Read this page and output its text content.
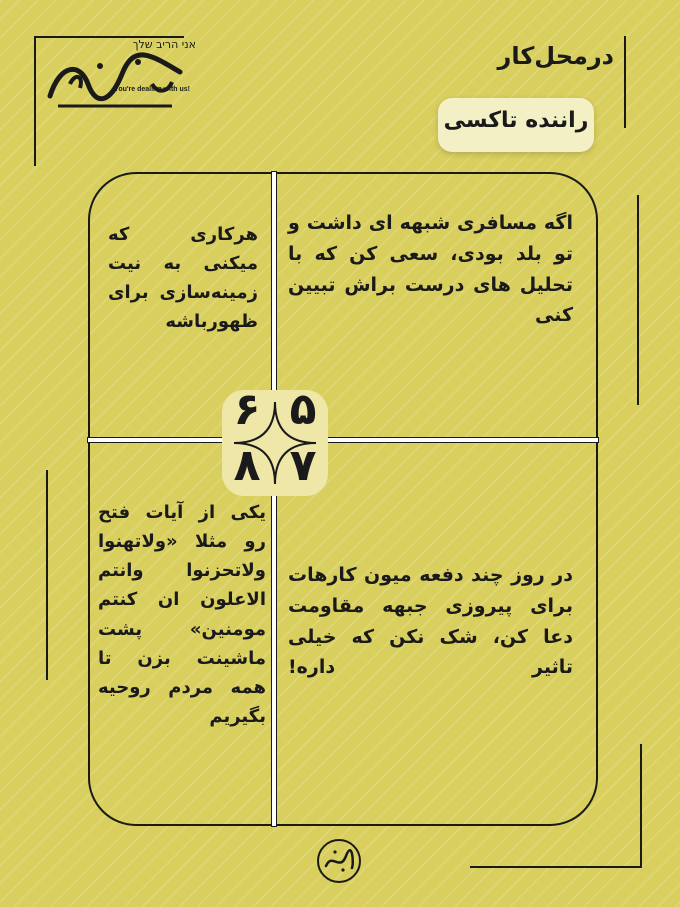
אני הריב שלך
You're dealing with us!
درمحل‌کار
راننده تاکسی
۵
۶
۷
۸
اگه مسافری شبهه ای داشت و تو بلد بودی، سعی کن که با تحلیل های درست براش تبیین کنی
هرکاری که میکنی به نیت زمینه‌سازی برای ظهورباشه
در روز چند دفعه میون کارهات برای پیروزی جبهه مقاومت دعا کن، شک نکن که خیلی تاثیر داره!
یکی از آیات فتح رو مثلا «ولاتهنوا ولاتحزنوا وانتم الاعلون ان کنتم مومنین» پشت ماشینت بزن تا همه مردم روحیه بگیریم
